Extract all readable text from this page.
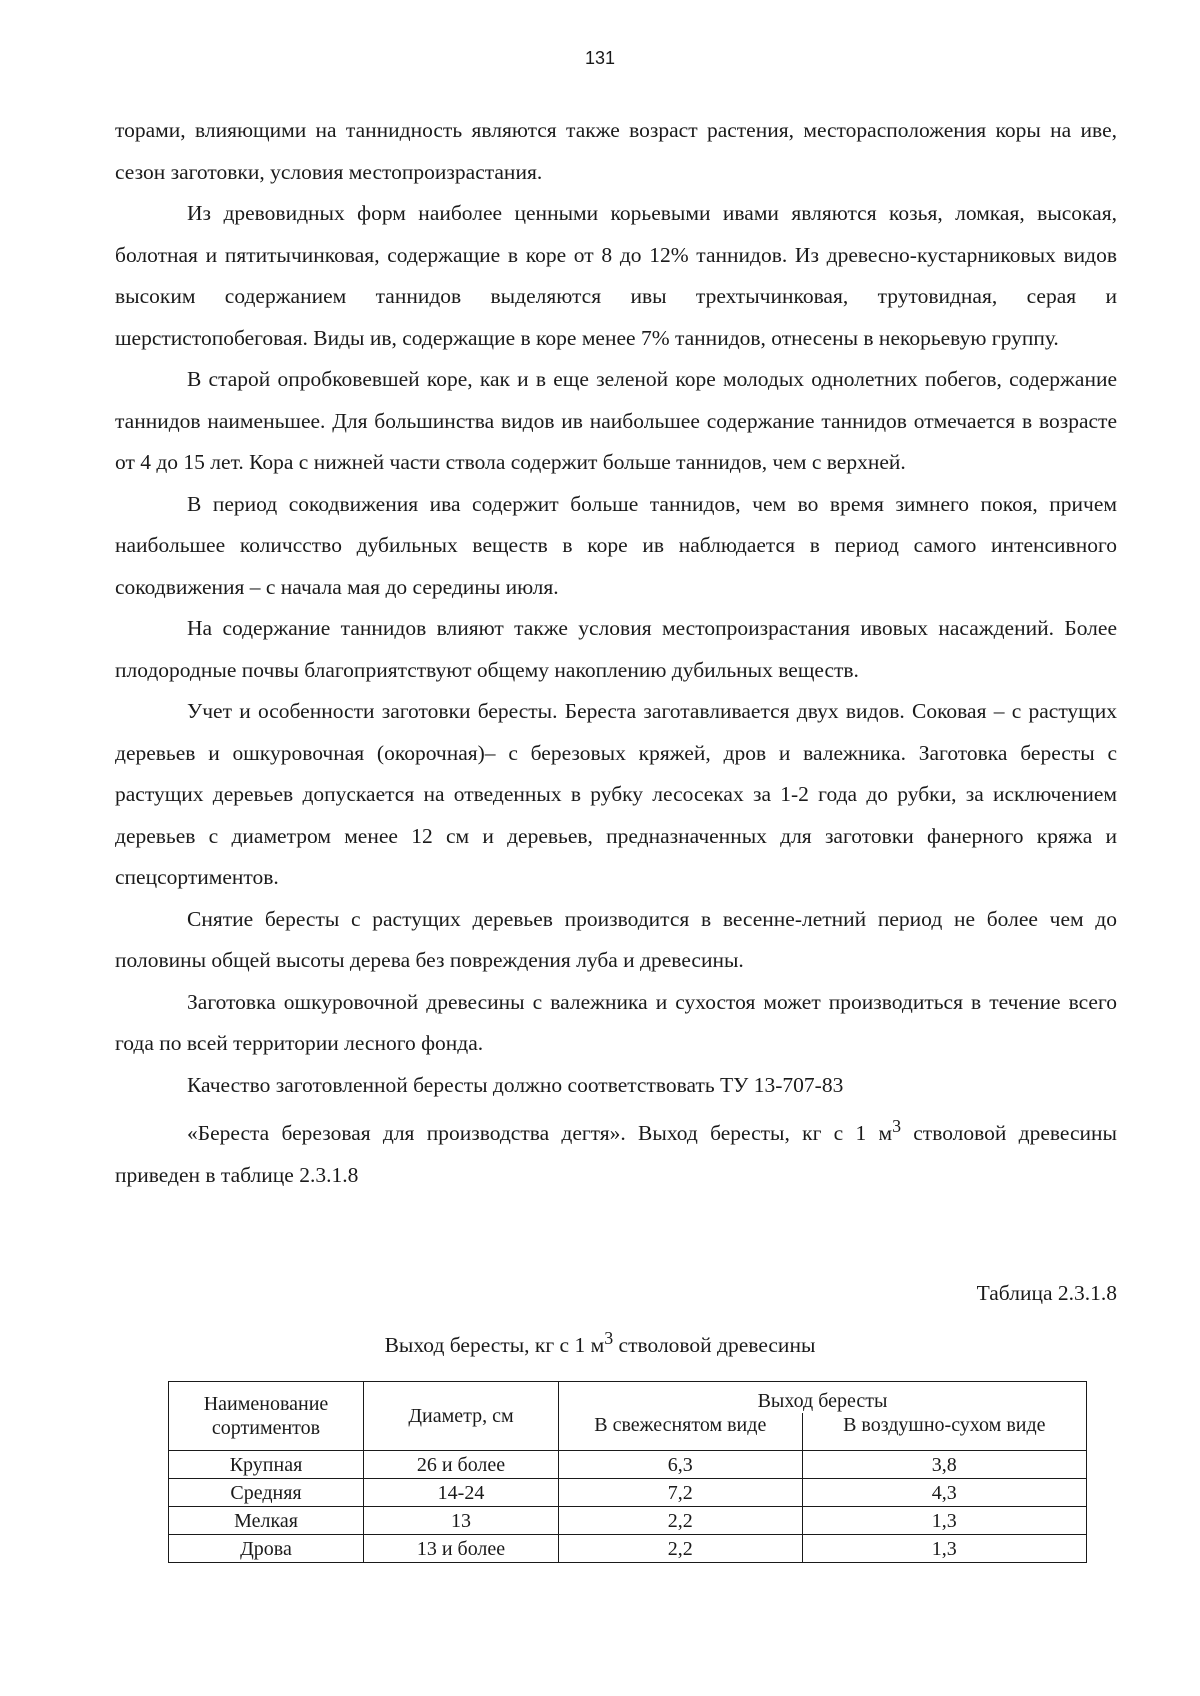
131

торами, влияющими на таннидность являются также возраст растения, месторасположения коры на иве, сезон заготовки, условия местопроизрастания.

Из древовидных форм наиболее ценными корьевыми ивами являются козья, ломкая, высокая, болотная и пятитычинковая, содержащие в коре от 8 до 12% таннидов. Из древесно-кустарниковых видов высоким содержанием таннидов выделяются ивы трехтычинковая, трутовидная, серая и шерстистопобеговая. Виды ив, содержащие в коре менее 7% таннидов, отнесены в некорьевую группу.

В старой опробковевшей коре, как и в еще зеленой коре молодых однолетних побегов, содержание таннидов наименьшее. Для большинства видов ив наибольшее содержание таннидов отмечается в возрасте от 4 до 15 лет. Кора с нижней части ствола содержит больше таннидов, чем с верхней.

В период сокодвижения ива содержит больше таннидов, чем во время зимнего покоя, причем наибольшее количсство дубильных веществ в коре ив наблюдается в период самого интенсивного сокодвижения – с начала мая до середины июля.

На содержание таннидов влияют также условия местопроизрастания ивовых насаждений. Более плодородные почвы благоприятствуют общему накоплению дубильных веществ.

Учет и особенности заготовки бересты. Береста заготавливается двух видов. Соковая – с растущих деревьев и ошкуровочная (окорочная)– с березовых кряжей, дров и валежника. Заготовка бересты с растущих деревьев допускается на отведенных в рубку лесосеках за 1-2 года до рубки, за исключением деревьев с диаметром менее 12 см и деревьев, предназначенных для заготовки фанерного кряжа и спецсортиментов.

Снятие бересты с растущих деревьев производится в весенне-летний период не более чем до половины общей высоты дерева без повреждения луба и древесины.

Заготовка ошкуровочной древесины с валежника и сухостоя может производиться в течение всего года по всей территории лесного фонда.

Качество заготовленной бересты должно соответствовать ТУ 13-707-83

«Береста березовая для производства дегтя». Выход бересты, кг с 1 $м^3$ стволовой древесины приведен в таблице 2.3.1.8

Таблица 2.3.1.8
Выход бересты, кг с 1 $м^3$ стволовой древесины
Наименование сортиментов	Диаметр, см	Выход бересты	
		В свежеснятом виде	В воздушно-сухом виде
Крупная	26 и более	6,3	3,8
Средняя	14-24	7,2	4,3
Мелкая	13	2,2	1,3
Дрова	13 и более	2,2	1,3
